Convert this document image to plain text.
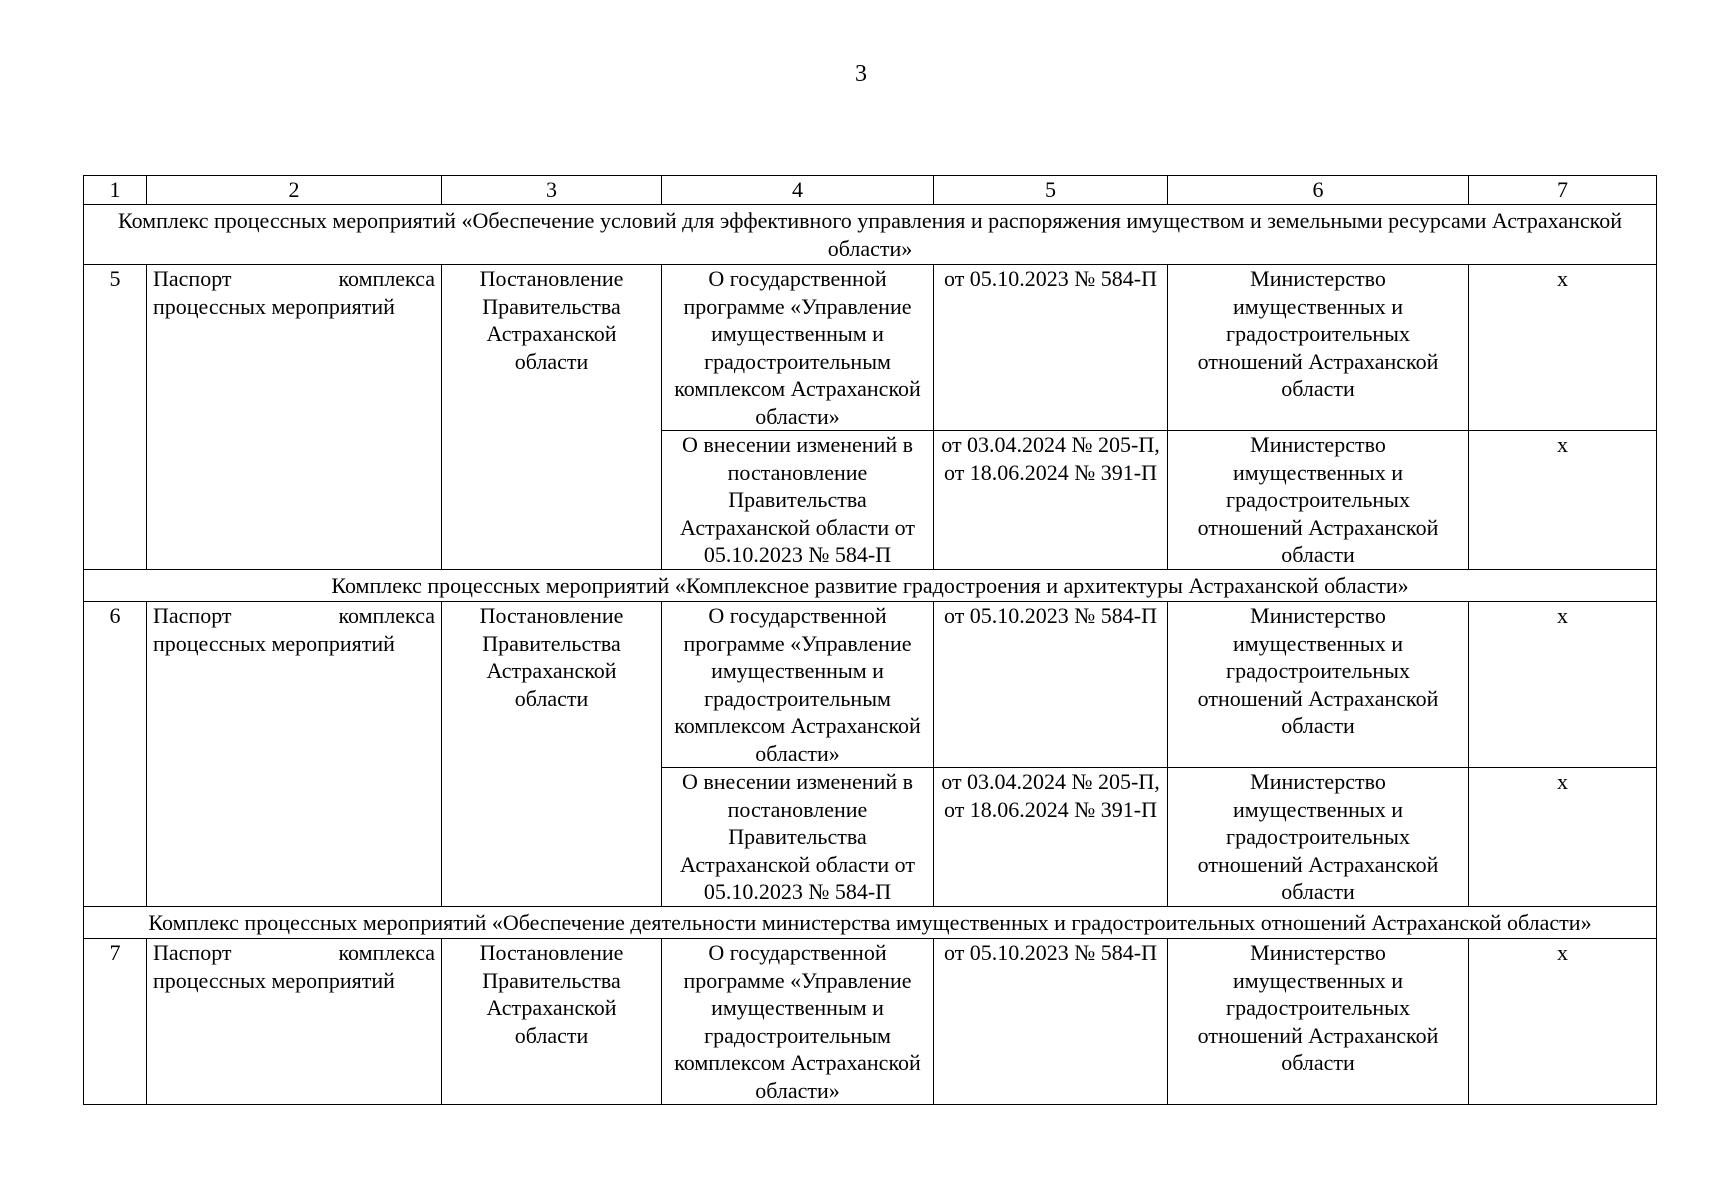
3
1	2	3	4	5	6	7
Комплекс процессных мероприятий «Обеспечение условий для эффективного управления и распоряжения имуществом и земельными ресурсами Астраханской области»						
5	Паспорт комплекса процессных мероприятий	Постановление Правительства Астраханской области	О государственной программе «Управление имущественным и градостроительным комплексом Астраханской области»	от 05.10.2023 № 584-П	Министерство имущественных и градостроительных отношений Астраханской области	х
			О внесении изменений в постановление Правительства Астраханской области от 05.10.2023 № 584-П	от 03.04.2024 № 205-П, от 18.06.2024 № 391-П	Министерство имущественных и градостроительных отношений Астраханской области	х
Комплекс процессных мероприятий «Комплексное развитие градостроения и архитектуры Астраханской области»						
6	Паспорт комплекса процессных мероприятий	Постановление Правительства Астраханской области	О государственной программе «Управление имущественным и градостроительным комплексом Астраханской области»	от 05.10.2023 № 584-П	Министерство имущественных и градостроительных отношений Астраханской области	х
			О внесении изменений в постановление Правительства Астраханской области от 05.10.2023 № 584-П	от 03.04.2024 № 205-П, от 18.06.2024 № 391-П	Министерство имущественных и градостроительных отношений Астраханской области	х
Комплекс процессных мероприятий «Обеспечение деятельности министерства имущественных и градостроительных отношений Астраханской области»						
7	Паспорт комплекса процессных мероприятий	Постановление Правительства Астраханской области	О государственной программе «Управление имущественным и градостроительным комплексом Астраханской области»	от 05.10.2023 № 584-П	Министерство имущественных и градостроительных отношений Астраханской области	х
